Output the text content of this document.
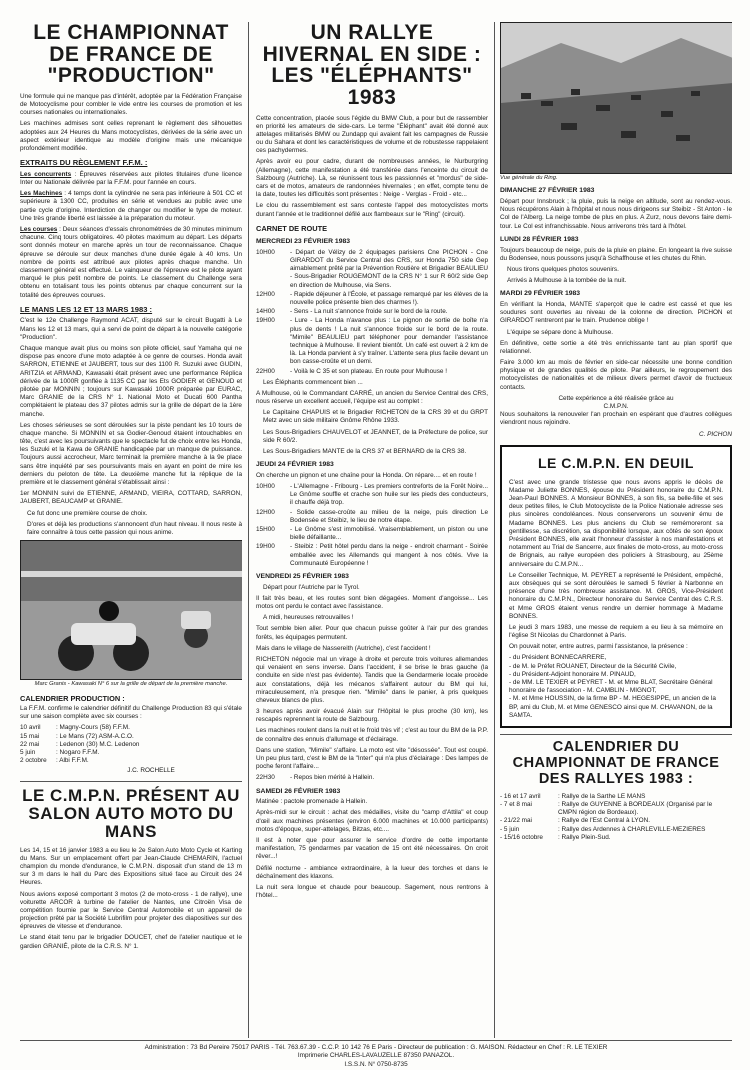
LE CHAMPIONNAT DE FRANCE DE "PRODUCTION"

Une formule qui ne manque pas d'intérêt, adoptée par la Fédération Française de Motocyclisme pour combler le vide entre les courses de promotion et les courses nationales ou internationales.

Les machines admises sont celles reprenant le règlement des silhouettes adoptées aux 24 Heures du Mans motocyclistes, dérivées de la série avec un aspect extérieur identique au modèle d'origine mais une mécanique profondément modifiée.

EXTRAITS DU RÈGLEMENT F.F.M. :

Les concurrents : Épreuves réservées aux pilotes titulaires d'une licence Inter ou Nationale délivrée par la F.F.M. pour l'année en cours.

Les Machines : 4 temps dont la cylindrée ne sera pas inférieure à 501 CC et supérieure à 1300 CC, produites en série et vendues au public avec une partie cycle d'origine. Interdiction de changer ou modifier le type de moteur. Une très grande liberté est laissée à la préparation du moteur.

Les courses : Deux séances d'essais chronométrées de 30 minutes minimum chacune. Cinq tours obligatoires. 40 pilotes maximum au départ. Les départs sont donnés moteur en marche après un tour de reconnaissance. Chaque épreuve se déroule sur deux manches d'une durée égale à 40 kms. Un nombre de points est attribué aux pilotes après chaque manche. Un classement général est effectué. Le vainqueur de l'épreuve est le pilote ayant marqué le plus petit nombre de points. Le classement du Challenge sera obtenu en totalisant tous les points obtenus par chaque concurrent sur la totalité des épreuves courues.

LE MANS LES 12 ET 13 MARS 1983 :

C'est le 12e Challenge Raymond ACAT, disputé sur le circuit Bugatti à Le Mans les 12 et 13 mars, qui a servi de point de départ à la nouvelle catégorie "Production".

Chaque manque avait plus ou moins son pilote officiel, sauf Yamaha qui ne dispose pas encore d'une moto adaptée à ce genre de courses. Honda avait SARRON, ETIENNE et JAUBERT, tous sur des 1100 R. Suzuki avec GUDIN, ARITZIA et ARMAND, Kawasaki était présent avec une performance Réplica dérivée de la 1000R gonflée à 1135 CC par les Ets GODIER et GENOUD et pilotée par MONNIN ; toujours sur Kawasaki 1000R préparée par EURAC, Marc GRANIE de la CRS N° 1. National Moto et Ducati 600 Pantha complétaient le plateau des 37 pilotes admis sur la grille de départ de la 1ère manche.

Les choses sérieuses se sont déroulées sur la piste pendant les 10 tours de chaque manche. Si MONNIN et sa Godier-Genoud étaient intouchables en tête, c'est avec les poursuivants que le spectacle fut de choix entre les Honda, les Suzuki et la Kawa de GRANIE handicapée par un manque de puissance. Toujours aussi accrocheur, Marc terminait la première manche à la 9e place sans être inquiété par ses poursuivants mais en ayant en point de mire les derniers du peloton de tête. La deuxième manche fut la réplique de la première et le classement général s'établissait ainsi :

1er MONNIN suivi de ETIENNE, ARMAND, VIEIRA, COTTARD, SARRON, JAUBERT, BEAUCAMP et GRANIE.

Ce fut donc une première course de choix.

D'ores et déjà les productions s'annoncent d'un haut niveau. Il nous reste à faire connaître à tous cette passion qui nous anime.

Marc Granis - Kawasaki N° 6 sur la grille de départ de la première manche.
CALENDRIER PRODUCTION :

La F.F.M. confirme le calendrier définitif du Challenge Production 83 qui s'étale sur une saison complète avec six courses :

10 avril	: Magny-Cours (58) F.F.M.
15 mai	: Le Mans (72) ASM-A.C.O.
22 mai	: Ledenon (30) M.C. Ledenon
5 juin	: Nogaro F.F.M.
2 octobre	: Albi F.F.M.
J.C. ROCHELLE
LE C.M.P.N. PRÉSENT AU SALON AUTO MOTO DU MANS

Les 14, 15 et 16 janvier 1983 a eu lieu le 2e Salon Auto Moto Cycle et Karting du Mans. Sur un emplacement offert par Jean-Claude CHEMARIN, l'actuel champion du monde d'endurance, le C.M.P.N. disposait d'un stand de 13 m sur 3 m dans le hall du Parc des Expositions situé face au Circuit des 24 Heures.

Nous avions exposé comportant 3 motos (2 de moto-cross - 1 de rallye), une voiturette ARCOR à turbine de l'atelier de Nantes, une Citroën Visa de compétition fournie par le Service Central Automobile et un appareil de projection prêté par la Société Lubrifilm pour projeter des diapositives sur des épreuves de vitesse et d'endurance.

Le stand était tenu par le brigadier DOUCET, chef de l'atelier nautique et le gardien GRANIÉ, pilote de la C.R.S. N° 1.

UN RALLYE HIVERNAL EN SIDE : LES "ÉLÉPHANTS" 1983

Cette concentration, placée sous l'égide du BMW Club, a pour but de rassembler en priorité les amateurs de side-cars. Le terme "Éléphant" avait été donné aux attelages militarisés BMW ou Zundapp qui avaient fait les campagnes de Russie ou du Sahara et dont les caractéristiques de volume et de robustesse rappelaient ces pachydermes.

Après avoir eu pour cadre, durant de nombreuses années, le Nurburgring (Allemagne), cette manifestation a été transférée dans l'enceinte du circuit de Salzbourg (Autriche). Là, se réunissent tous les passionnés et "mordus" de side-cars et de motos, amateurs de randonnées hivernales ; en effet, compte tenu de la date, toutes les difficultés sont présentes : Neige - Verglas - Froid - etc...

Le clou du rassemblement est sans conteste l'appel des motocyclistes morts durant l'année et le traditionnel défilé aux flambeaux sur le "Ring" (circuit).

CARNET DE ROUTE
MERCREDI 23 FÉVRIER 1983
10H00	- Départ de Vélizy de 2 équipages parisiens Cne PICHON - Cne GIRARDOT du Service Central des CRS, sur Honda 750 side Gep aimablement prêté par la Prévention Routière et Brigadier BEAULIEU - Sous-Brigadier ROUGEMONT de la CRS N° 1 sur R 60/2 side Gep en direction de Mulhouse, via Sens.
12H00	- Rapide déjeuner à l'École, et passage remarqué par les élèves de la nouvelle police présente bien des charmes !).
14H00	- Sens - La nuit s'annonce froide sur le bord de la route.
19H00	- Lure - La Honda n'avance plus : Le pignon de sortie de boîte n'a plus de dents ! La nuit s'annonce froide sur le bord de la route. "Mimile" BEAULIEU part téléphoner pour demander l'assistance technique à Mulhouse. Il revient bientôt. Un café est ouvert à 2 km de là. La Honda parvient à s'y traîner. L'attente sera plus facile devant un bon casse-croûte et un demi.
22H00	- Voilà le C 35 et son plateau. En route pour Mulhouse !

Les Éléphants commencent bien ...

A Mulhouse, où le Commandant CARRÉ, un ancien du Service Central des CRS, nous réserve un excellent accueil, l'équipe est au complet :

Le Capitaine CHAPUIS et le Brigadier RICHETON de la CRS 39 et du GRPT Metz avec un side militaire Gnôme Rhône 1933.

Les Sous-Brigadiers CHAUVELOT et JEANNET, de la Préfecture de police, sur side R 60/2.

Les Sous-Brigadiers MANTE de la CRS 37 et BERNARD de la CRS 38.

JEUDI 24 FÉVRIER 1983

On cherche un pignon et une chaîne pour la Honda. On répare.... et en route !

10H00	- L'Allemagne - Fribourg - Les premiers contreforts de la Forêt Noire... Le Gnôme souffle et crache son huile sur les pieds des conducteurs, il chauffe déjà trop.
12H00	- Solide casse-croûte au milieu de la neige, puis direction Le Bodensée et Steibiz, le lieu de notre étape.
15H00	- Le Gnôme s'est immobilisé. Vraisemblablement, un piston ou une bielle défaillante...
19H00	- Steibiz : Petit hôtel perdu dans la neige - endroit charmant - Soirée emballée avec les Allemands qui mangent à nos côtés. Vive la Communauté Européenne !
VENDREDI 25 FÉVRIER 1983

Départ pour l'Autriche par le Tyrol.

Il fait très beau, et les routes sont bien dégagées. Moment d'angoisse... Les motos ont perdu le contact avec l'assistance.

A midi, heureuses retrouvailles !

Tout semble bien aller. Pour que chacun puisse goûter à l'air pur des grandes forêts, les équipages permutent.

Mais dans le village de Nassereith (Autriche), c'est l'accident !

RICHETON négocie mal un virage à droite et percute trois voitures allemandes qui venaient en sens inverse. Dans l'accident, il se brise le bras gauche (la conduite en side n'est pas évidente). Tandis que la Gendarmerie locale procède aux constatations, déjà les mécanos s'affairent autour du BM qui lui, miraculeusement, n'a presque rien. "Mimile" dans le panier, à pris quelques cheveux blancs de plus.

3 heures après avoir évacué Alain sur l'Hôpital le plus proche (30 km), les rescapés reprennent la route de Salzbourg.

Les machines roulent dans la nuit et le froid très vif ; c'est au tour du BM de la P.P. de connaître des ennuis d'allumage et d'éclairage.

Dans une station, "Mimile" s'affaire. La moto est vite "désossée". Tout est coupé. Un peu plus tard, c'est le BM de la "Inter" qui n'a plus d'éclairage : Des lampes de poche feront l'affaire...

22H30	- Repos bien mérité à Hallein.
SAMEDI 26 FÉVRIER 1983

Matinée : pactole promenade à Hallein.

Après-midi sur le circuit : achat des médailles, visite du "camp d'Attila" et coup d'œil aux machines présentes (environ 6.000 machines et 10.000 participants) motos d'époque, super-attelages, Bitzas, etc....

Il est à noter que pour assurer le service d'ordre de cette importante manifestation, 75 gendarmes par vacation de 15 ont été nécessaires. On croit rêver...!

Défilé nocturne - ambiance extraordinaire, à la lueur des torches et dans le déchaînement des klaxons.

La nuit sera longue et chaude pour beaucoup. Sagement, nous rentrons à l'hôtel...

Vue générale du Ring.
DIMANCHE 27 FÉVRIER 1983

Départ pour Innsbruck ; la pluie, puis la neige en altitude, sont au rendez-vous. Nous récupérons Alain à l'hôpital et nous nous dirigeons sur Steibiz - St Anton - le Col de l'Alberg. La neige tombe de plus en plus. A Zurz, nous devons faire demi-tour. Le Col est infranchissable. Nous arriverons très tard à l'hôtel.

LUNDI 28 FÉVRIER 1983

Toujours beaucoup de neige, puis de la pluie en plaine. En longeant la rive suisse du Bodensee, nous poussons jusqu'à Schaffhouse et les chutes du Rhin.

Nous tirons quelques photos souvenirs.

Arrivés à Mulhouse à la tombée de la nuit.

MARDI 29 FÉVRIER 1983

En vérifiant la Honda, MANTE s'aperçoit que le cadre est cassé et que les soudures sont ouvertes au niveau de la colonne de direction. PICHON et GIRARDOT rentreront par le train. Prudence oblige !

L'équipe se sépare donc à Mulhouse.

En définitive, cette sortie a été très enrichissante tant au plan sportif que relationnel.

Faire 3.000 km au mois de février en side-car nécessite une bonne condition physique et de grandes qualités de pilote. Par ailleurs, le regroupement des motocyclistes de nationalités et de milieux divers permet d'avoir de fructueux contacts.

Cette expérience a été réalisée grâce au
C.M.P.N.

Nous souhaitons la renouveler l'an prochain en espérant que d'autres collègues viendront nous rejoindre.

C. PICHON
LE C.M.P.N. EN DEUIL

C'est avec une grande tristesse que nous avons appris le décès de Madame Juliette BONNES, épouse du Président honoraire du C.M.P.N. Jean-Paul BONNES. A Monsieur BONNES, à son fils, sa belle-fille et ses deux petites filles, le Club Motocycliste de la Police Nationale adresse ses plus sincères condoléances. Nous conserverons un souvenir ému de Madame BONNES. Les plus anciens du Club se remémoreront sa gentillesse, sa discrétion, sa disponibilité lorsque, aux côtés de son époux Président BONNES, elle avait l'honneur d'assister à nos manifestations et notamment au Trial de Sancerre, aux finales de moto-cross, au moto-cross de Brignais, au rallye européen des policiers à Strasbourg, au 25ème anniversaire du C.M.P.N...

Le Conseiller Technique, M. PEYRET a représenté le Président, empêché, aux obsèques qui se sont déroulées le samedi 5 février à Narbonne en présence d'une très nombreuse assistance. M. GROS, Vice-Président honoraire du C.M.P.N., Directeur honoraire du Service Central des C.R.S. et Mme GROS étaient venus rendre un dernier hommage à Madame BONNES.

Le jeudi 3 mars 1983, une messe de requiem a eu lieu à sa mémoire en l'église St Nicolas du Chardonnet à Paris.

On pouvait noter, entre autres, parmi l'assistance, la présence :

- du Président BONNECARRERE,
- de M. le Préfet ROUANET, Directeur de la Sécurité Civile,
- du Président-Adjoint honoraire M. PINAUD,
- de MM. LE TEXIER et PEYRET - M. et Mme BLAT, Secrétaire Général honoraire de l'association - M. CAMBLIN - MIGNOT,
- M. et Mme HOUSSIN, de la firme BP - M. HEGESIPPE, un ancien de la BP, ami du Club, M. et Mme GENESCO ainsi que M. CHAVANON, de la SAMTA.
CALENDRIER DU CHAMPIONNAT DE FRANCE DES RALLYES 1983 :
- 16 et 17 avril	: Rallye de la Sarthe LE MANS
- 7 et 8 mai	: Rallye de GUYENNE à BORDEAUX (Organisé par le CMPN région de Bordeaux).
- 21/22 mai	: Rallye de l'Est Central à LYON.
- 5 juin	: Rallye des Ardennes à CHARLEVILLE-MEZIERES
- 15/16 octobre	: Rallye Plein-Sud.
Administration : 73 Bd Pereire 75017 PARIS - Tél. 763.67.39 - C.C.P. 10 142 76 E Paris - Directeur de publication : G. MAISON. Rédacteur en Chef : R. LE TEXIER
Imprimerie CHARLES-LAVAUZELLE 87350 PANAZOL.
I.S.S.N. N° 0750-8735
